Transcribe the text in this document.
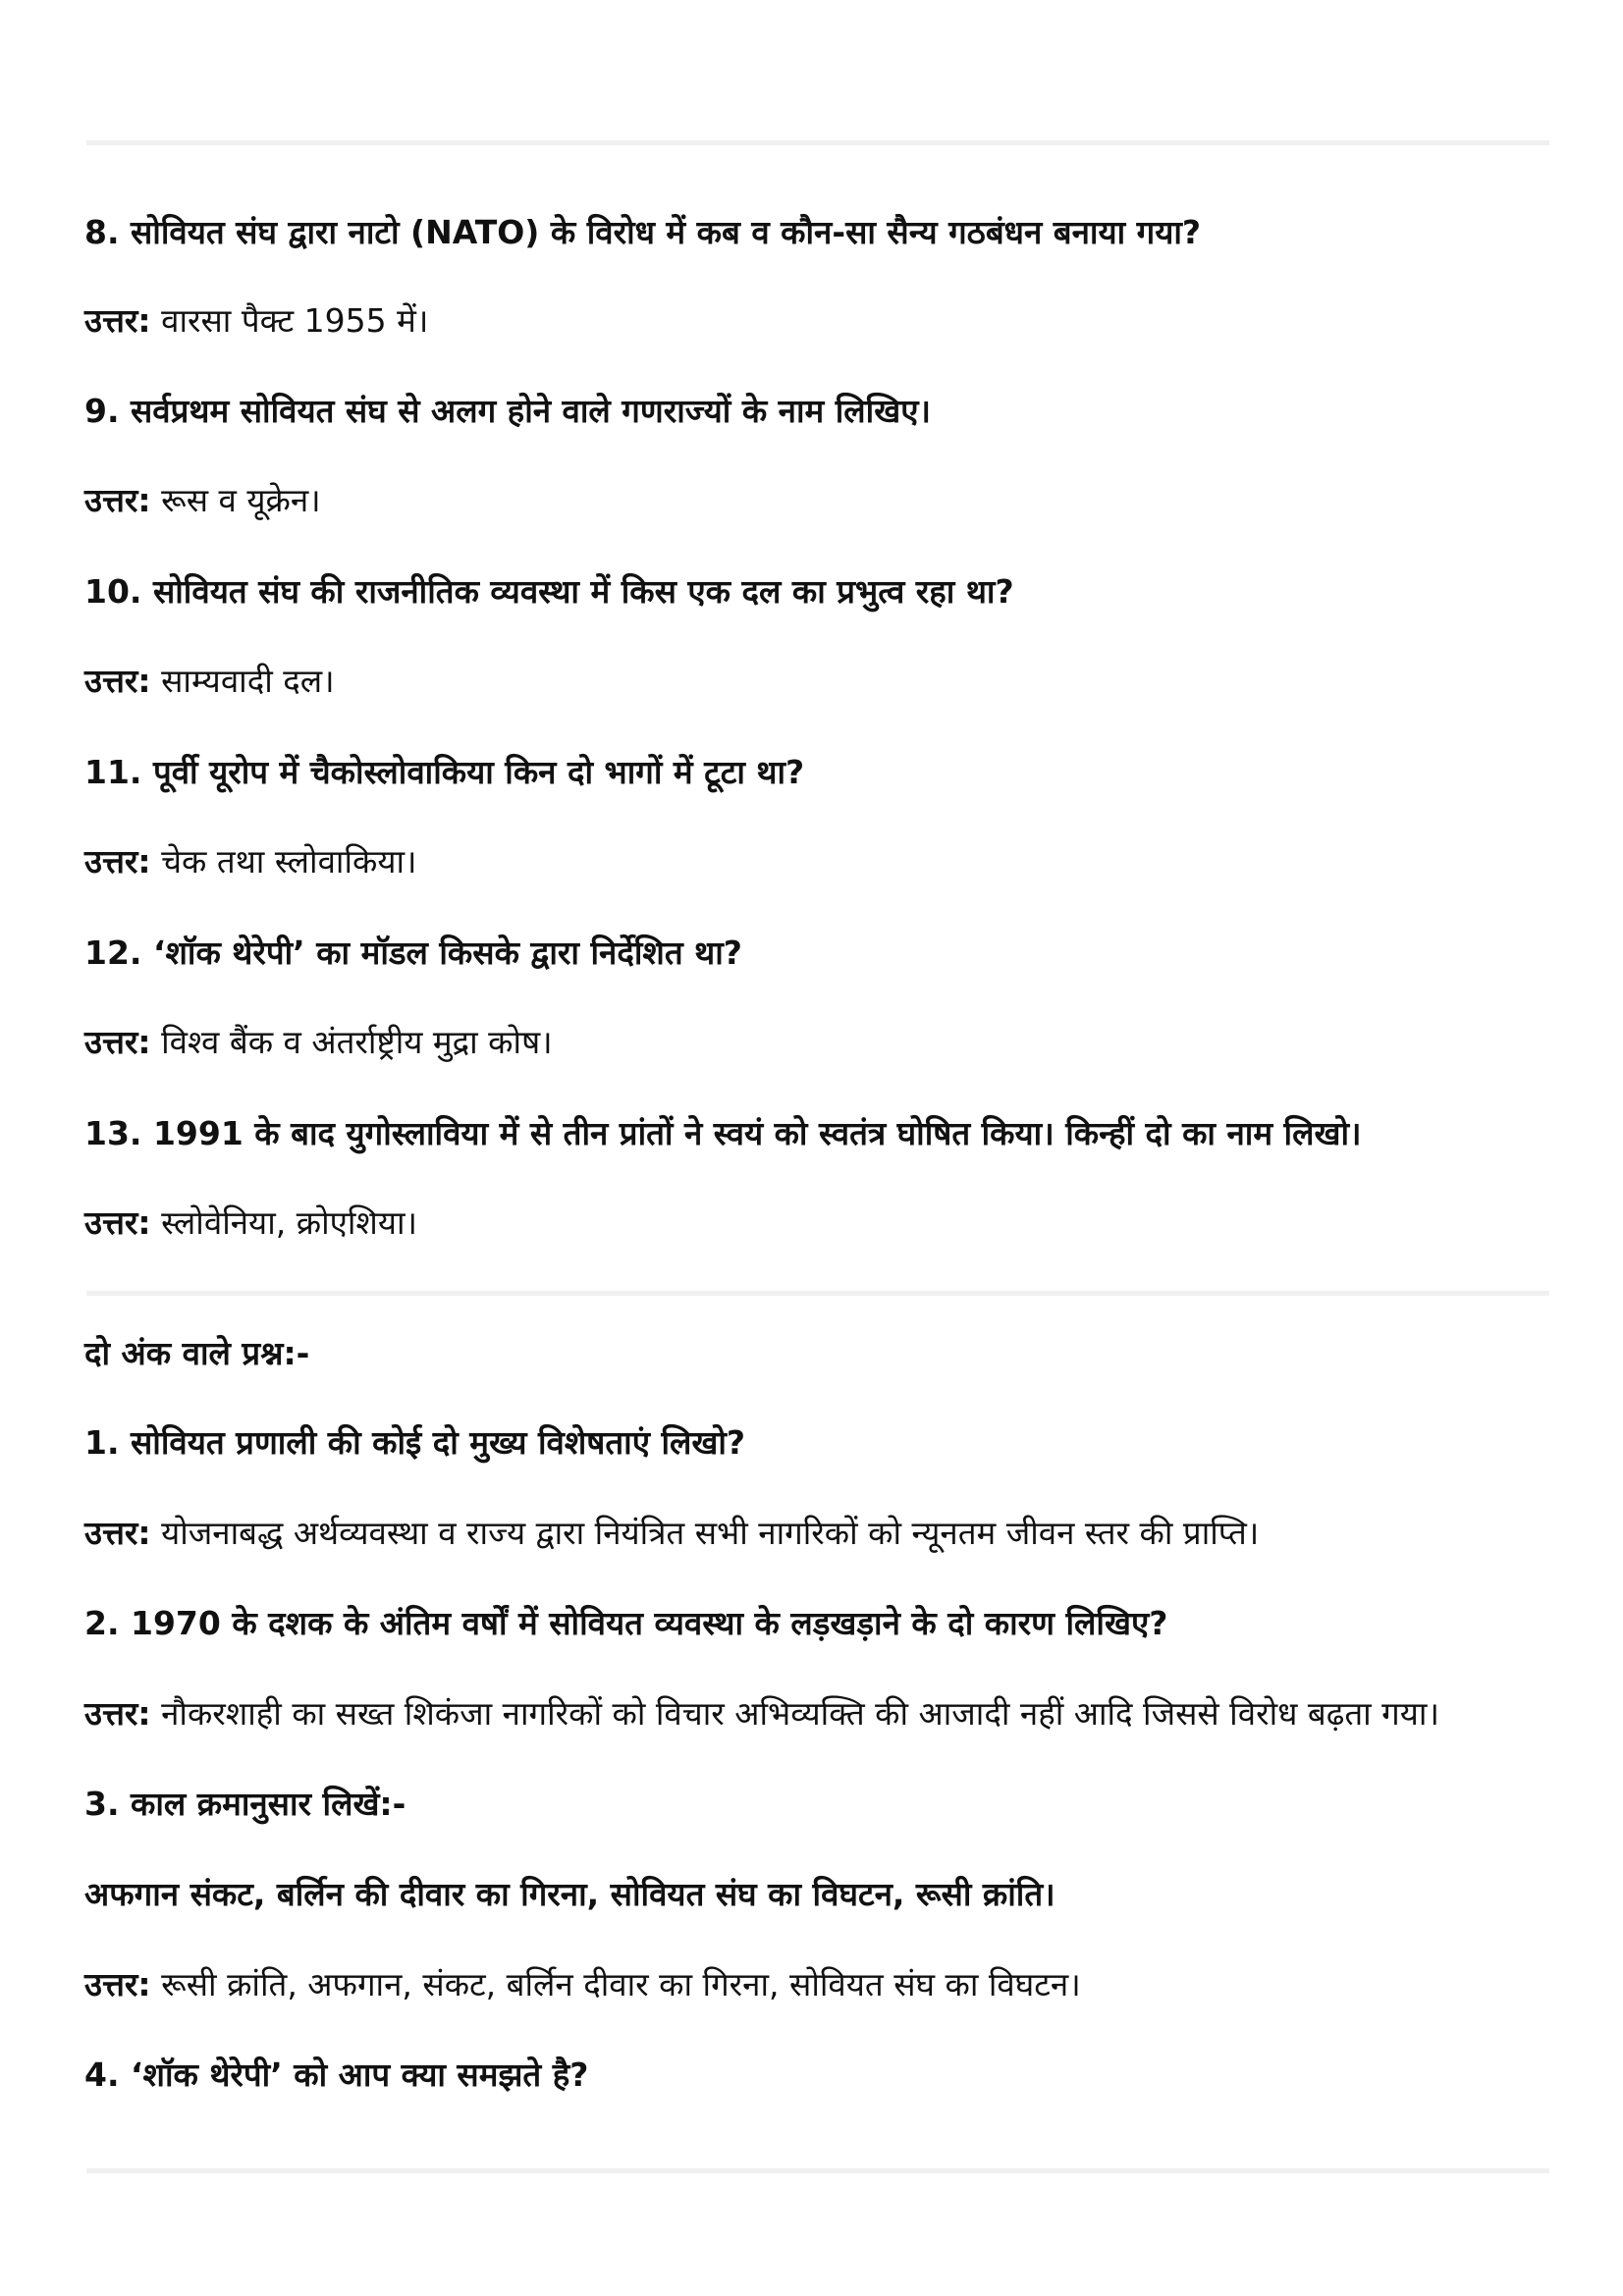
8. सोवियत संघ द्वारा नाटो (NATO) के विरोध में कब व कौन-सा सैन्य गठबंधन बनाया गया?
उत्तर: वारसा पैक्ट 1955 में।
9. सर्वप्रथम सोवियत संघ से अलग होने वाले गणराज्यों के नाम लिखिए।
उत्तर: रूस व यूक्रेन।
10. सोवियत संघ की राजनीतिक व्यवस्था में किस एक दल का प्रभुत्व रहा था?
उत्तर: साम्यवादी दल।
11. पूर्वी यूरोप में चैकोस्लोवाकिया किन दो भागों में टूटा था?
उत्तर: चेक तथा स्लोवाकिया।
12. ‘शॉक थेरेपी’ का मॉडल किसके द्वारा निर्देशित था?
उत्तर: विश्व बैंक व अंतर्राष्ट्रीय मुद्रा कोष।
13. 1991 के बाद युगोस्लाविया में से तीन प्रांतों ने स्वयं को स्वतंत्र घोषित किया। किन्हीं दो का नाम लिखो।
उत्तर: स्लोवेनिया, क्रोएशिया।
दो अंक वाले प्रश्न:-
1. सोवियत प्रणाली की कोई दो मुख्य विशेषताएं लिखो?
उत्तर: योजनाबद्ध अर्थव्यवस्था व राज्य द्वारा नियंत्रित सभी नागरिकों को न्यूनतम जीवन स्तर की प्राप्ति।
2. 1970 के दशक के अंतिम वर्षों में सोवियत व्यवस्था के लड़खड़ाने के दो कारण लिखिए?
उत्तर: नौकरशाही का सख्त शिकंजा नागरिकों को विचार अभिव्यक्ति की आजादी नहीं आदि जिससे विरोध बढ़ता गया।
3. काल क्रमानुसार लिखें:-
अफगान संकट, बर्लिन की दीवार का गिरना, सोवियत संघ का विघटन, रूसी क्रांति।
उत्तर: रूसी क्रांति, अफगान, संकट, बर्लिन दीवार का गिरना, सोवियत संघ का विघटन।
4. ‘शॉक थेरेपी’ को आप क्या समझते है?
